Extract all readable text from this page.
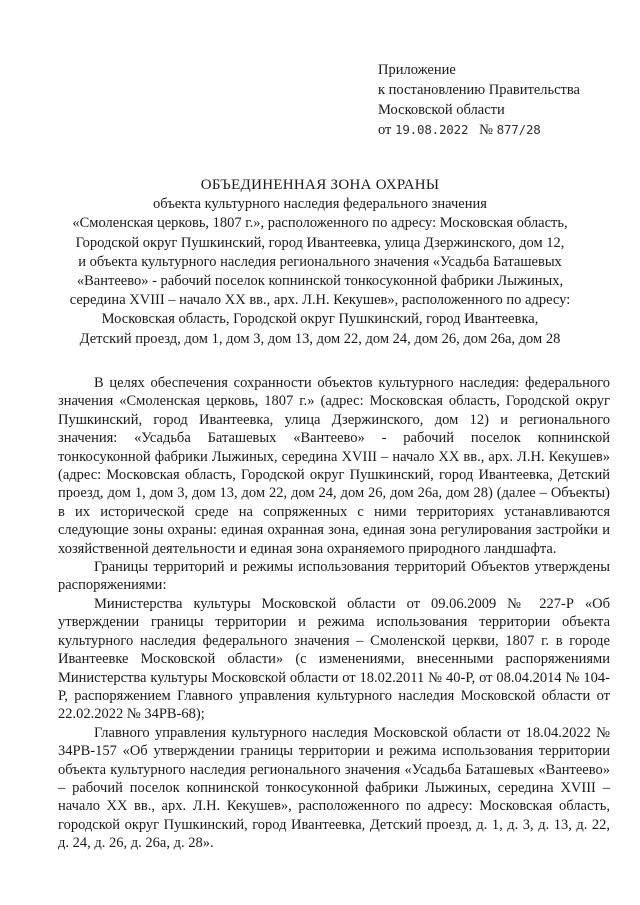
Приложение
к постановлению Правительства
Московской области
от 19.08.2022 № 877/28
ОБЪЕДИНЕННАЯ ЗОНА ОХРАНЫ
объекта культурного наследия федерального значения
«Смоленская церковь, 1807 г.», расположенного по адресу: Московская область,
Городской округ Пушкинский, город Ивантеевка, улица Дзержинского, дом 12,
и объекта культурного наследия регионального значения «Усадьба Баташевых
«Вантеево» - рабочий поселок копнинской тонкосуконной фабрики Лыжиных,
середина XVIII – начало XX вв., арх. Л.Н. Кекушев», расположенного по адресу:
Московская область, Городской округ Пушкинский, город Ивантеевка,
Детский проезд, дом 1, дом 3, дом 13, дом 22, дом 24, дом 26, дом 26а, дом 28

В целях обеспечения сохранности объектов культурного наследия: федерального значения «Смоленская церковь, 1807 г.» (адрес: Московская область, Городской округ Пушкинский, город Ивантеевка, улица Дзержинского, дом 12) и регионального значения: «Усадьба Баташевых «Вантеево» - рабочий поселок копнинской тонкосуконной фабрики Лыжиных, середина XVIII – начало XX вв., арх. Л.Н. Кекушев» (адрес: Московская область, Городской округ Пушкинский, город Ивантеевка, Детский проезд, дом 1, дом 3, дом 13, дом 22, дом 24, дом 26, дом 26а, дом 28) (далее – Объекты) в их исторической среде на сопряженных с ними территориях устанавливаются следующие зоны охраны: единая охранная зона, единая зона регулирования застройки и хозяйственной деятельности и единая зона охраняемого природного ландшафта.

Границы территорий и режимы использования территорий Объектов утверждены распоряжениями:

Министерства культуры Московской области от 09.06.2009 № 227-Р «Об утверждении границы территории и режима использования территории объекта культурного наследия федерального значения – Смоленской церкви, 1807 г. в городе Ивантеевке Московской области» (с изменениями, внесенными распоряжениями Министерства культуры Московской области от 18.02.2011 № 40-Р, от 08.04.2014 № 104-Р, распоряжением Главного управления культурного наследия Московской области от 22.02.2022 № 34РВ-68);

Главного управления культурного наследия Московской области от 18.04.2022 № 34РВ-157 «Об утверждении границы территории и режима использования территории объекта культурного наследия регионального значения «Усадьба Баташевых «Вантеево» – рабочий поселок копнинской тонкосуконной фабрики Лыжиных, середина XVIII – начало XX вв., арх. Л.Н. Кекушев», расположенного по адресу: Московская область, городской округ Пушкинский, город Ивантеевка, Детский проезд, д. 1, д. 3, д. 13, д. 22, д. 24, д. 26, д. 26а, д. 28».
